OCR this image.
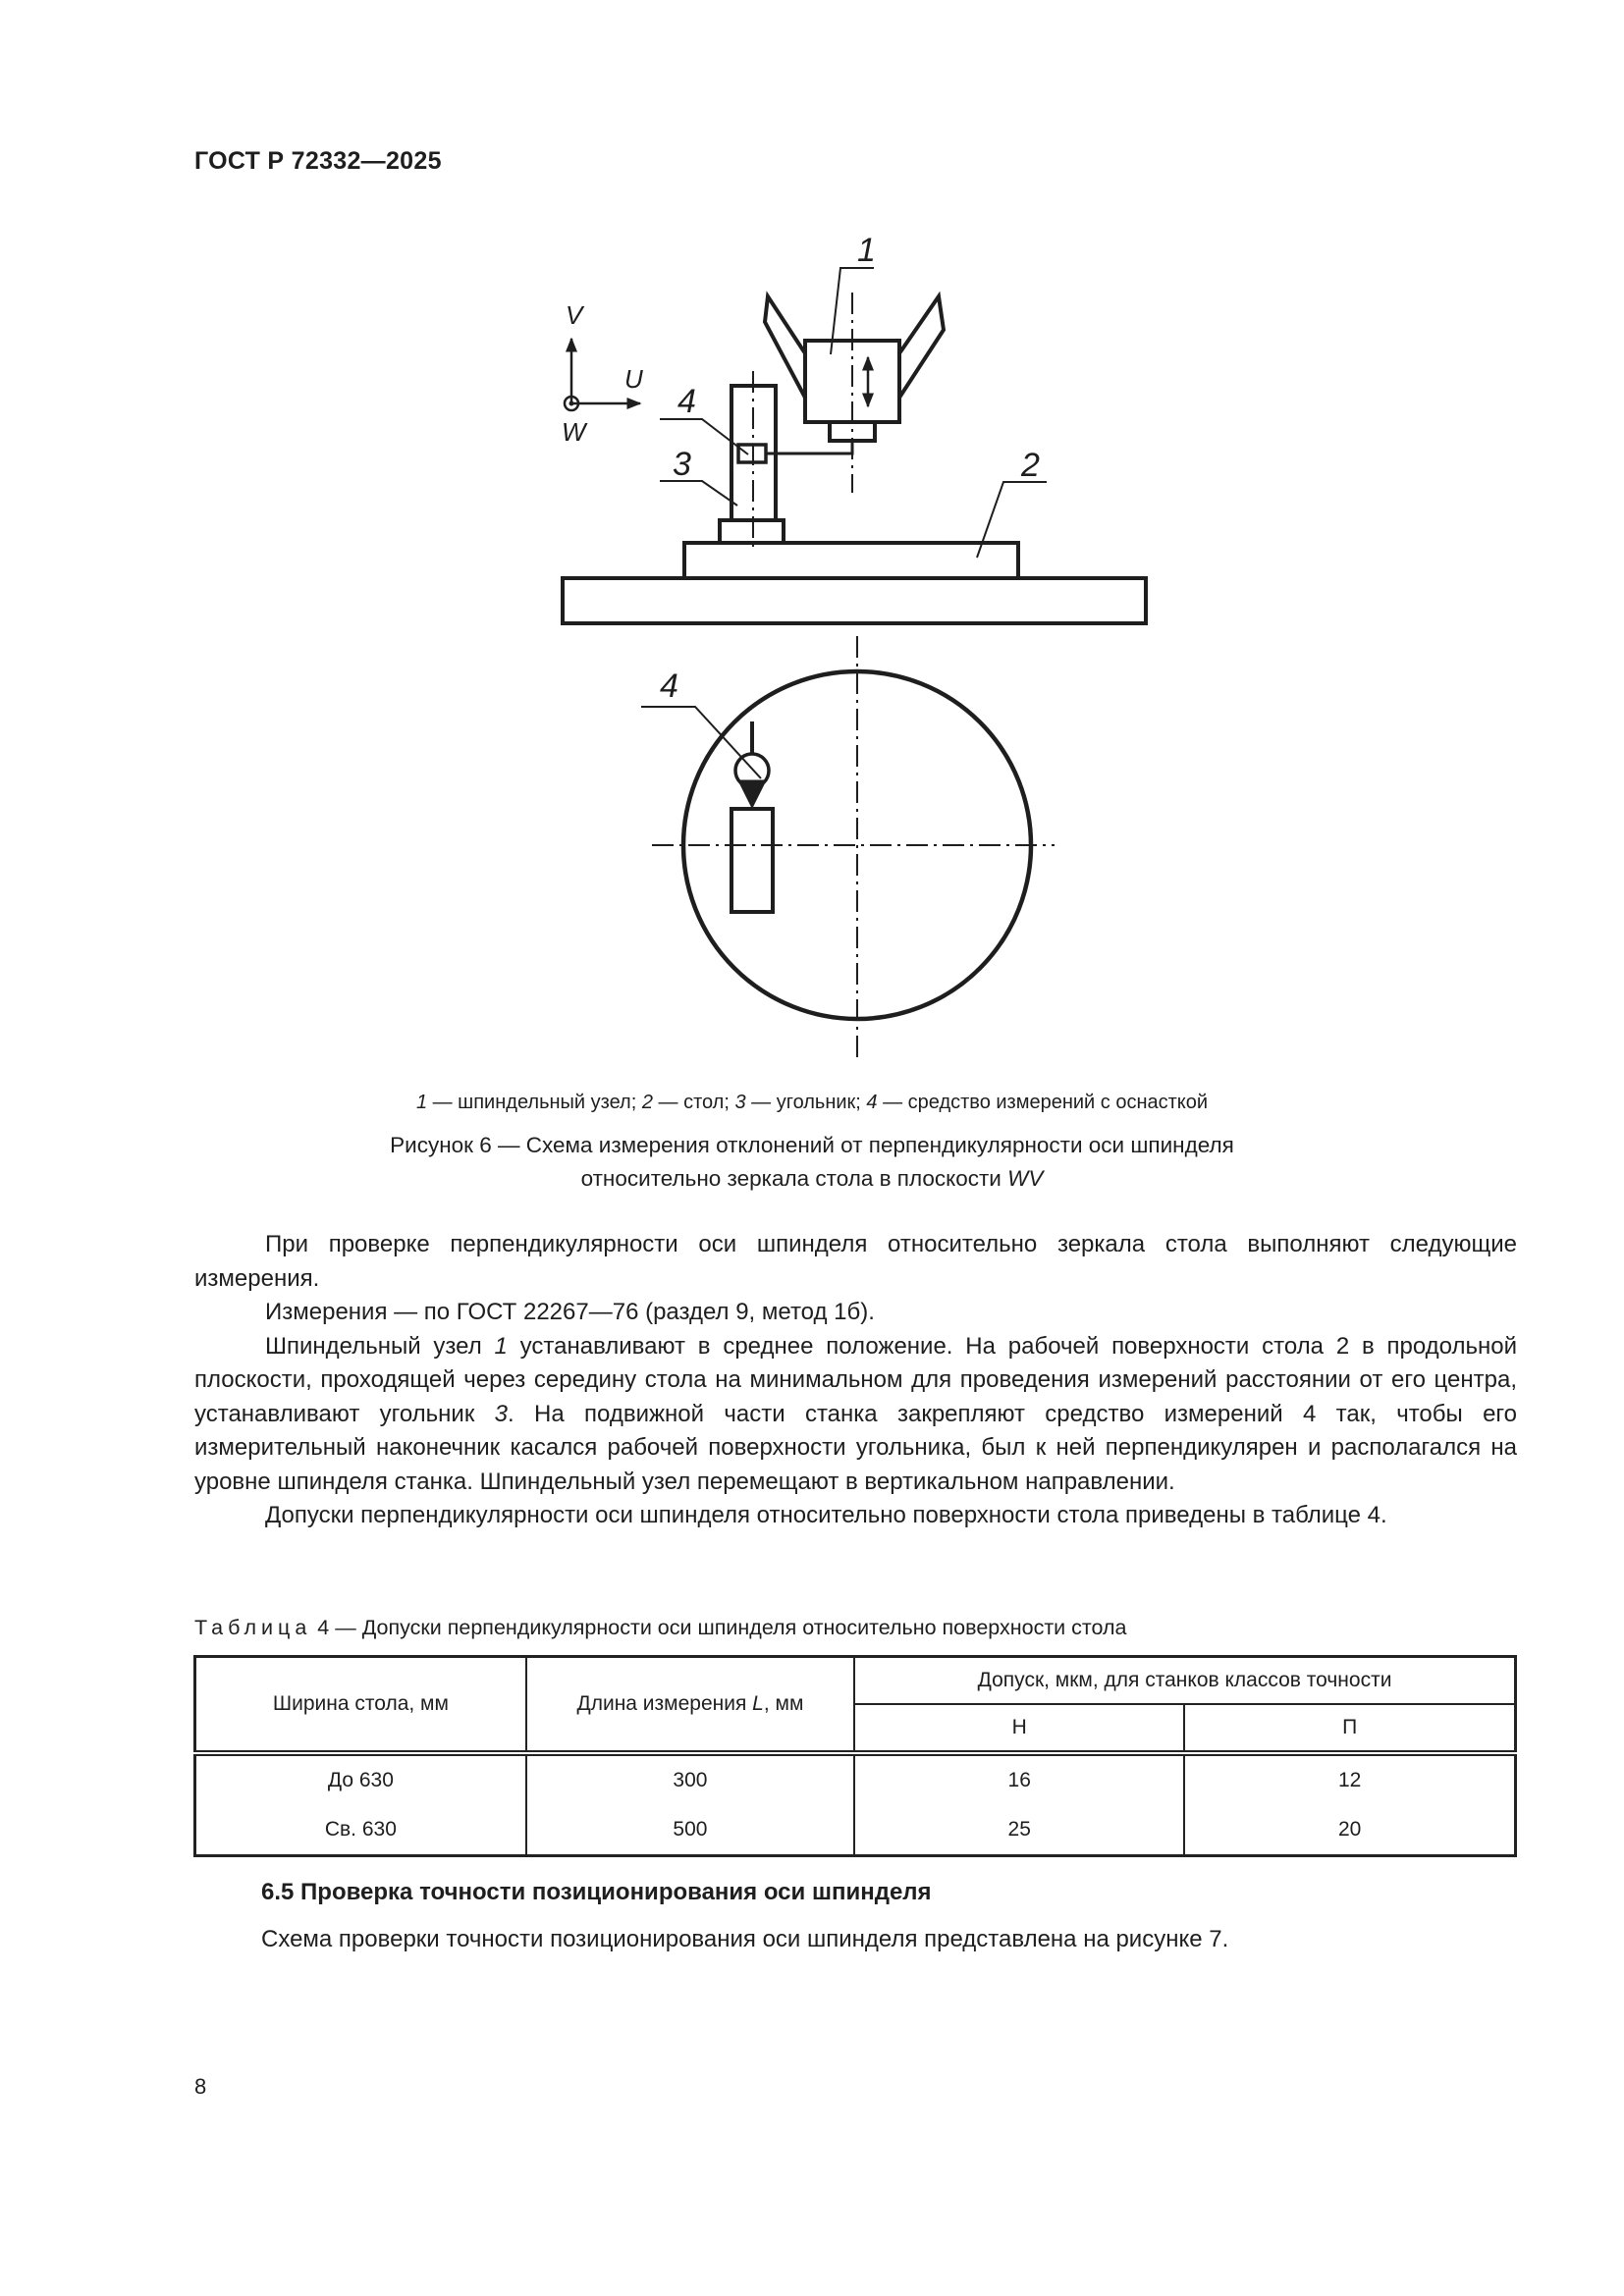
ГОСТ Р 72332—2025
V
U
W
1
2
3
4
4
1 — шпиндельный узел; 2 — стол; 3 — угольник; 4 — средство измерений с оснасткой
Рисунок 6 — Схема измерения отклонений от перпендикулярности оси шпинделя
относительно зеркала стола в плоскости WV

При проверке перпендикулярности оси шпинделя относительно зеркала стола выполняют следующие измерения.

Измерения — по ГОСТ 22267—76 (раздел 9, метод 1б).

Шпиндельный узел 1 устанавливают в среднее положение. На рабочей поверхности стола 2 в продольной плоскости, проходящей через середину стола на минимальном для проведения измерений расстоянии от его центра, устанавливают угольник 3. На подвижной части станка закрепляют средство измерений 4 так, чтобы его измерительный наконечник касался рабочей поверхности угольника, был к ней перпендикулярен и располагался на уровне шпинделя станка. Шпиндельный узел перемещают в вертикальном направлении.

Допуски перпендикулярности оси шпинделя относительно поверхности стола приведены в таблице 4.

Таблица 4 — Допуски перпендикулярности оси шпинделя относительно поверхности стола
Ширина стола, мм	Длина измерения L, мм	Допуск, мкм, для станков классов точности	
		Н	П
До 630	300	16	12
Св. 630	500	25	20
6.5 Проверка точности позиционирования оси шпинделя
Схема проверки точности позиционирования оси шпинделя представлена на рисунке 7.
8
